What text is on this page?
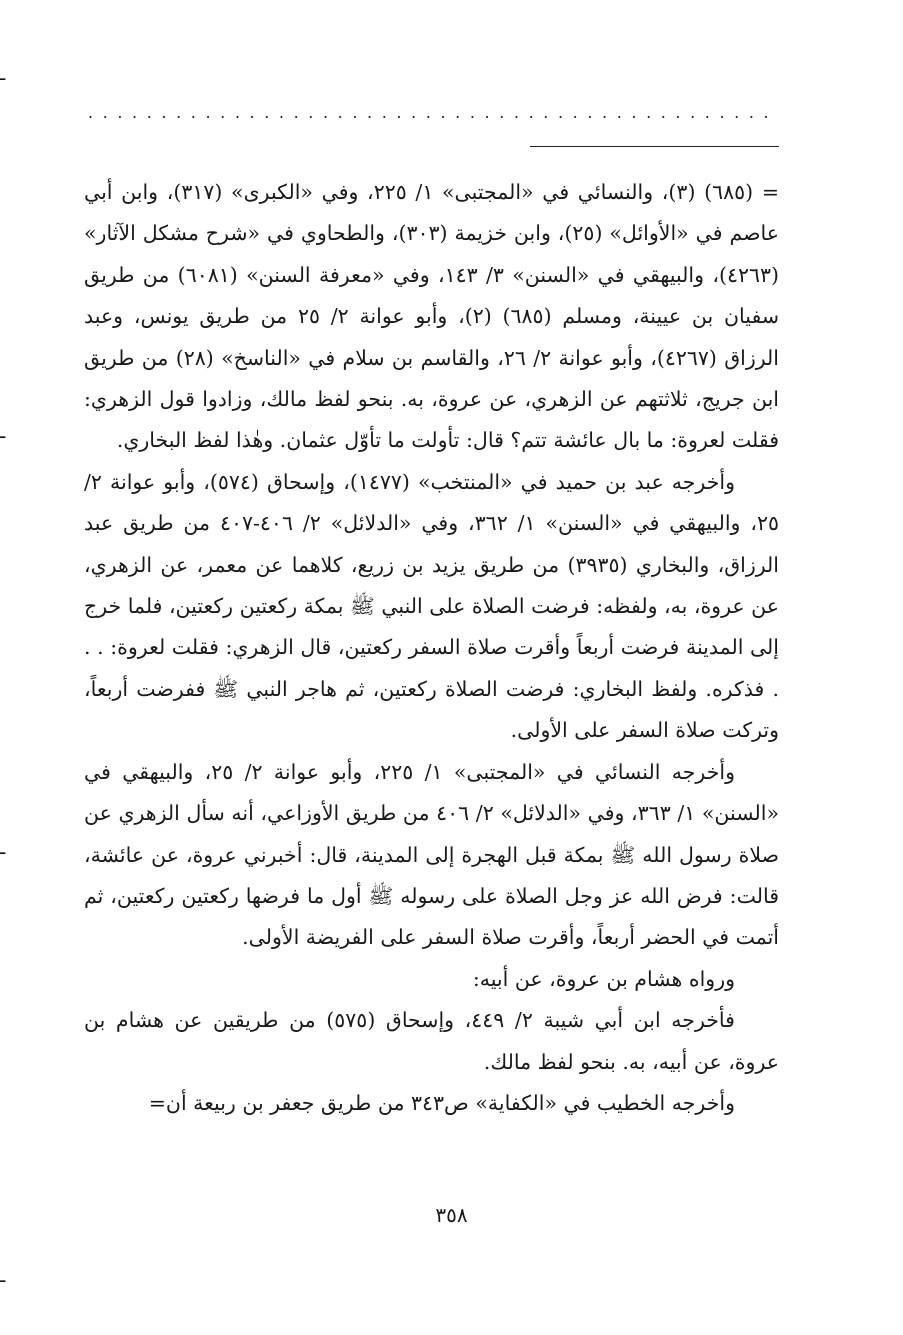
...............................................
ـ
ـ
ـ
ـ

= (٦٨٥) (٣)، والنسائي في «المجتبى» ١/ ٢٢٥، وفي «الكبرى» (٣١٧)، وابن أبي عاصم في «الأوائل» (٢٥)، وابن خزيمة (٣٠٣)، والطحاوي في «شرح مشكل الآثار» (٤٢٦٣)، والبيهقي في «السنن» ٣/ ١٤٣، وفي «معرفة السنن» (٦٠٨١) من طريق سفيان بن عيينة، ومسلم (٦٨٥) (٢)، وأبو عوانة ٢/ ٢٥ من طريق يونس، وعبد الرزاق (٤٢٦٧)، وأبو عوانة ٢/ ٢٦، والقاسم بن سلام في «الناسخ» (٢٨) من طريق ابن جريج، ثلاثتهم عن الزهري، عن عروة، به. بنحو لفظ مالك، وزادوا قول الزهري: فقلت لعروة: ما بال عائشة تتم؟ قال: تأولت ما تأوّل عثمان. وهٰذا لفظ البخاري.

وأخرجه عبد بن حميد في «المنتخب» (١٤٧٧)، وإسحاق (٥٧٤)، وأبو عوانة ٢/ ٢٥، والبيهقي في «السنن» ١/ ٣٦٢، وفي «الدلائل» ٢/ ٤٠٦-٤٠٧ من طريق عبد الرزاق، والبخاري (٣٩٣٥) من طريق يزيد بن زريع، كلاهما عن معمر، عن الزهري، عن عروة، به، ولفظه: فرضت الصلاة على النبي ﷺ بمكة ركعتين ركعتين، فلما خرج إلى المدينة فرضت أربعاً وأقرت صلاة السفر ركعتين، قال الزهري: فقلت لعروة: . . . فذكره. ولفظ البخاري: فرضت الصلاة ركعتين، ثم هاجر النبي ﷺ ففرضت أربعاً، وتركت صلاة السفر على الأولى.

وأخرجه النسائي في «المجتبى» ١/ ٢٢٥، وأبو عوانة ٢/ ٢٥، والبيهقي في «السنن» ١/ ٣٦٣، وفي «الدلائل» ٢/ ٤٠٦ من طريق الأوزاعي، أنه سأل الزهري عن صلاة رسول الله ﷺ بمكة قبل الهجرة إلى المدينة، قال: أخبرني عروة، عن عائشة، قالت: فرض الله عز وجل الصلاة على رسوله ﷺ أول ما فرضها ركعتين ركعتين، ثم أتمت في الحضر أربعاً، وأقرت صلاة السفر على الفريضة الأولى.

ورواه هشام بن عروة، عن أبيه:

فأخرجه ابن أبي شيبة ٢/ ٤٤٩، وإسحاق (٥٧٥) من طريقين عن هشام بن عروة، عن أبيه، به. بنحو لفظ مالك.

وأخرجه الخطيب في «الكفاية» ص٣٤٣ من طريق جعفر بن ربيعة أن=

٣٥٨
